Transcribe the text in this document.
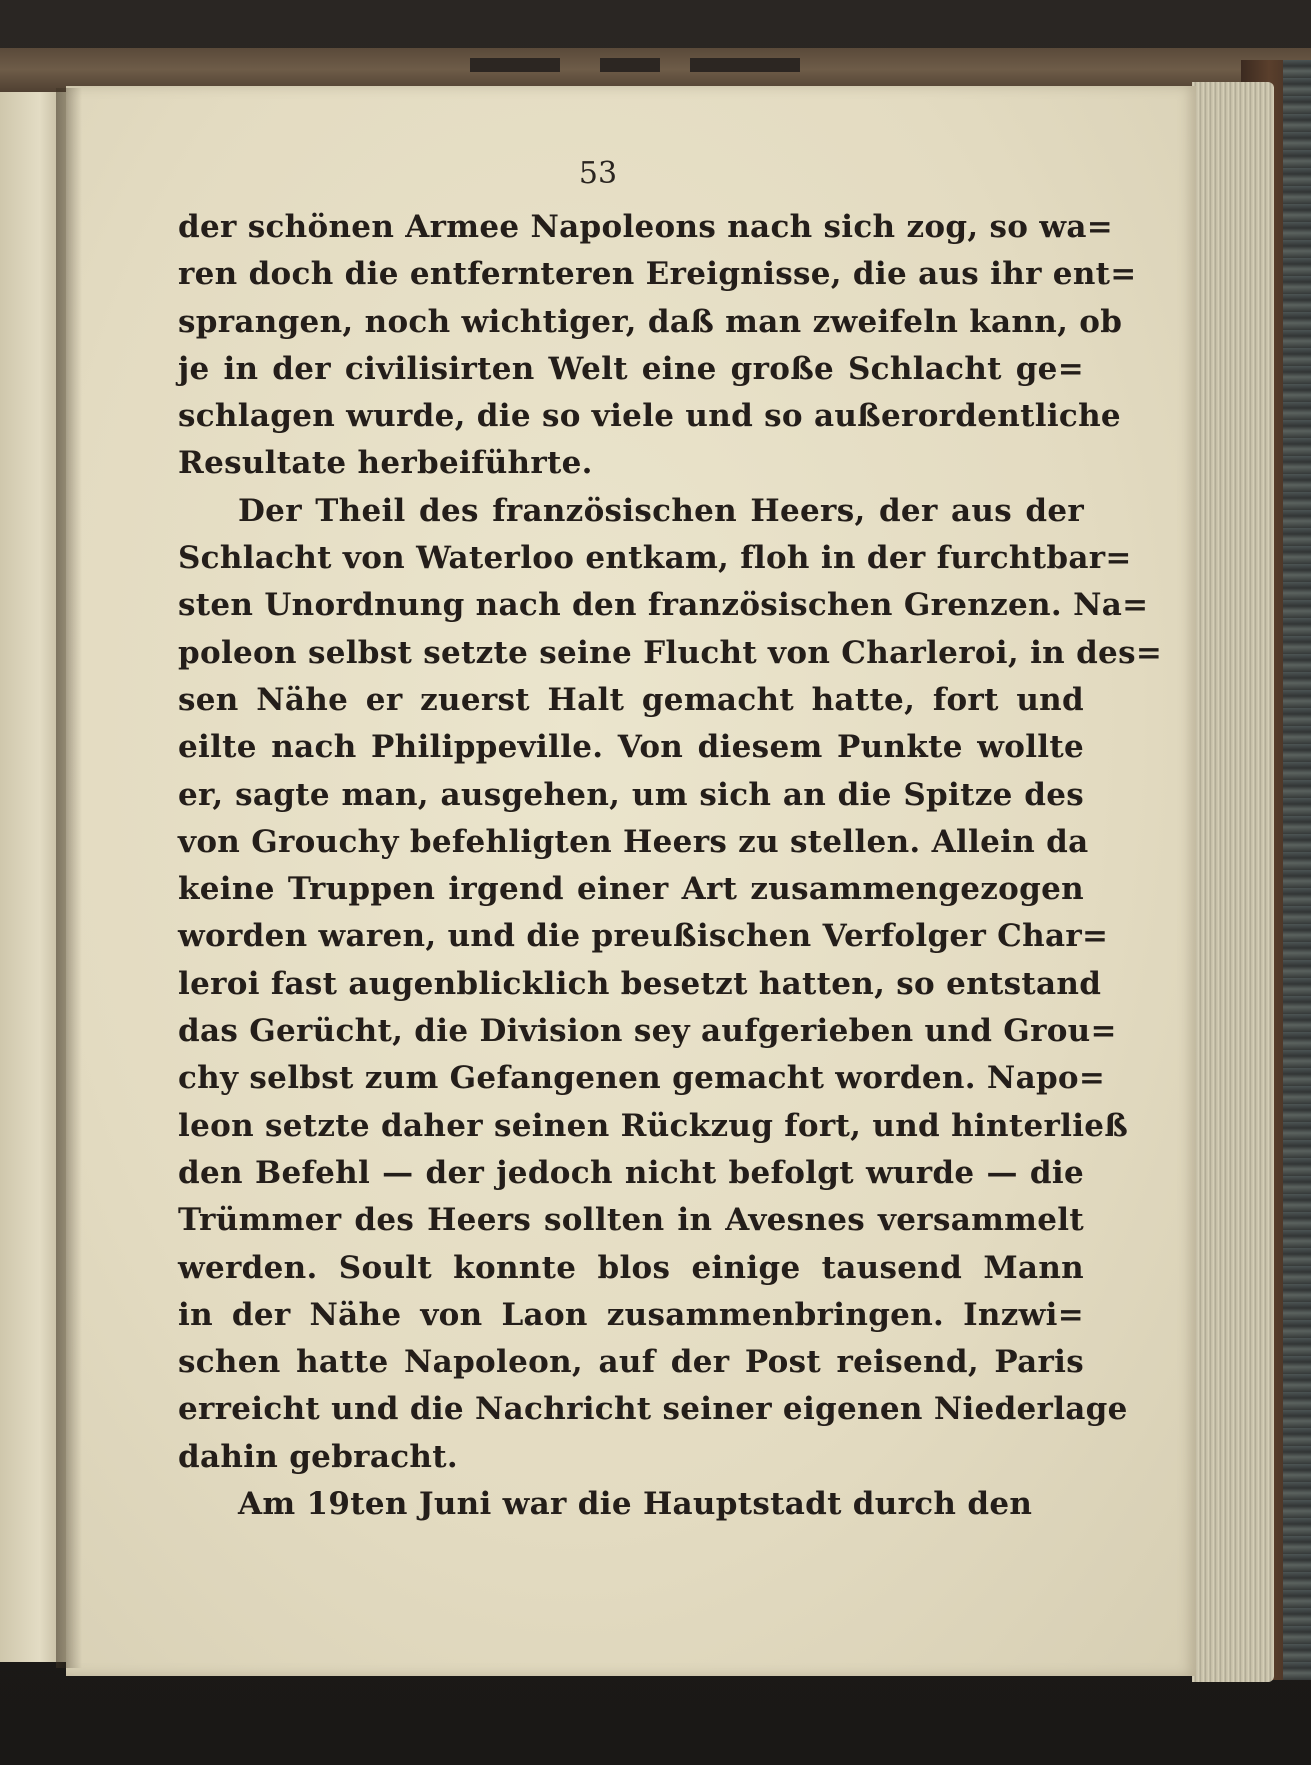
53
der schönen Armee Napoleons nach sich zog, so wa=
ren doch die entfernteren Ereignisse, die aus ihr ent=
sprangen, noch wichtiger, daß man zweifeln kann, ob
je in der civilisirten Welt eine große Schlacht ge=
schlagen wurde, die so viele und so außerordentliche
Resultate herbeiführte.
Der Theil des französischen Heers, der aus der
Schlacht von Waterloo entkam, floh in der furchtbar=
sten Unordnung nach den französischen Grenzen. Na=
poleon selbst setzte seine Flucht von Charleroi, in des=
sen Nähe er zuerst Halt gemacht hatte, fort und
eilte nach Philippeville. Von diesem Punkte wollte
er, sagte man, ausgehen, um sich an die Spitze des
von Grouchy befehligten Heers zu stellen. Allein da
keine Truppen irgend einer Art zusammengezogen
worden waren, und die preußischen Verfolger Char=
leroi fast augenblicklich besetzt hatten, so entstand
das Gerücht, die Division sey aufgerieben und Grou=
chy selbst zum Gefangenen gemacht worden. Napo=
leon setzte daher seinen Rückzug fort, und hinterließ
den Befehl — der jedoch nicht befolgt wurde — die
Trümmer des Heers sollten in Avesnes versammelt
werden. Soult konnte blos einige tausend Mann
in der Nähe von Laon zusammenbringen. Inzwi=
schen hatte Napoleon, auf der Post reisend, Paris
erreicht und die Nachricht seiner eigenen Niederlage
dahin gebracht.
Am 19ten Juni war die Hauptstadt durch den
